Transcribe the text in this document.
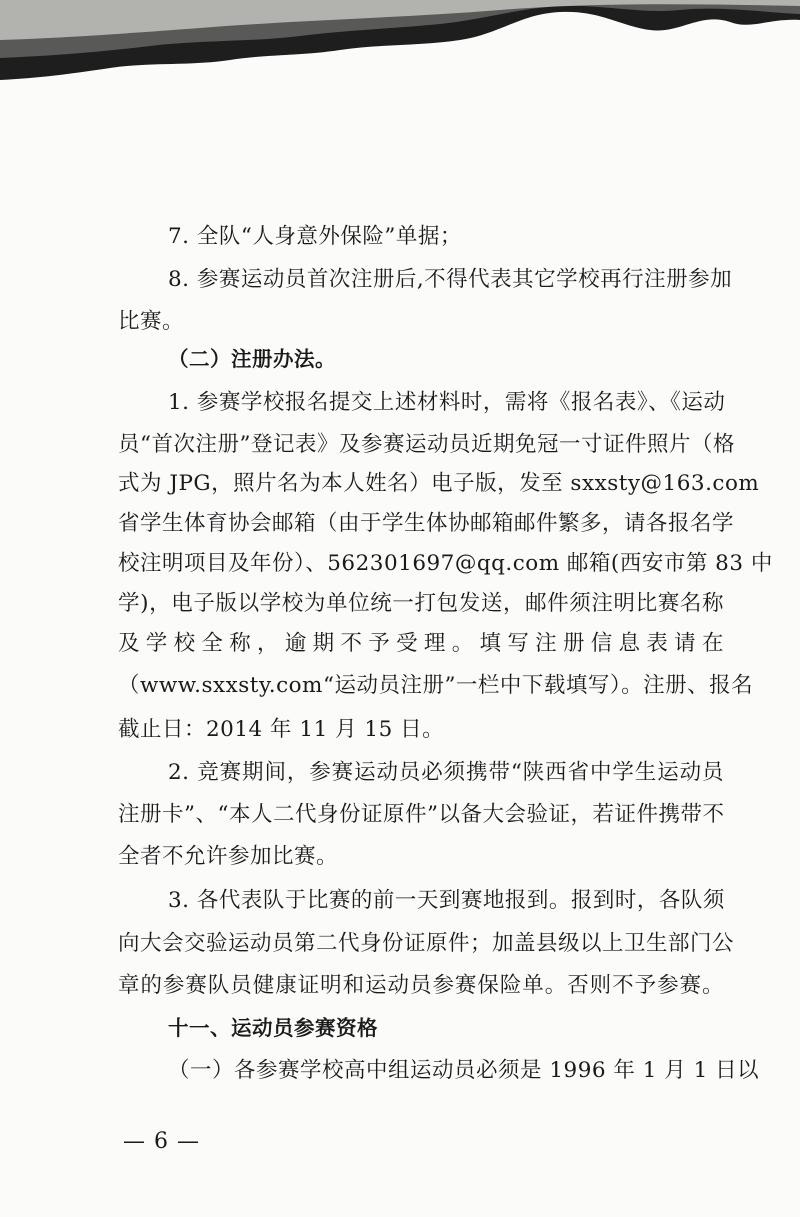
7. 全队“人身意外保险”单据；
8. 参赛运动员首次注册后,不得代表其它学校再行注册参加
比赛。
（二）注册办法。
1. 参赛学校报名提交上述材料时，需将《报名表》、《运动
员“首次注册”登记表》及参赛运动员近期免冠一寸证件照片（格
式为 JPG，照片名为本人姓名）电子版，发至 sxxsty@163.com
省学生体育协会邮箱（由于学生体协邮箱邮件繁多，请各报名学
校注明项目及年份）、562301697@qq.com 邮箱(西安市第 83 中
学)，电子版以学校为单位统一打包发送，邮件须注明比赛名称
及学校全称，逾期不予受理。填写注册信息表请在
（www.sxxsty.com“运动员注册”一栏中下载填写）。注册、报名
截止日：2014 年 11 月 15 日。
2. 竞赛期间，参赛运动员必须携带“陕西省中学生运动员
注册卡”、“本人二代身份证原件”以备大会验证，若证件携带不
全者不允许参加比赛。
3. 各代表队于比赛的前一天到赛地报到。报到时，各队须
向大会交验运动员第二代身份证原件；加盖县级以上卫生部门公
章的参赛队员健康证明和运动员参赛保险单。否则不予参赛。
十一、运动员参赛资格
（一）各参赛学校高中组运动员必须是 1996 年 1 月 1 日以
— 6 —
